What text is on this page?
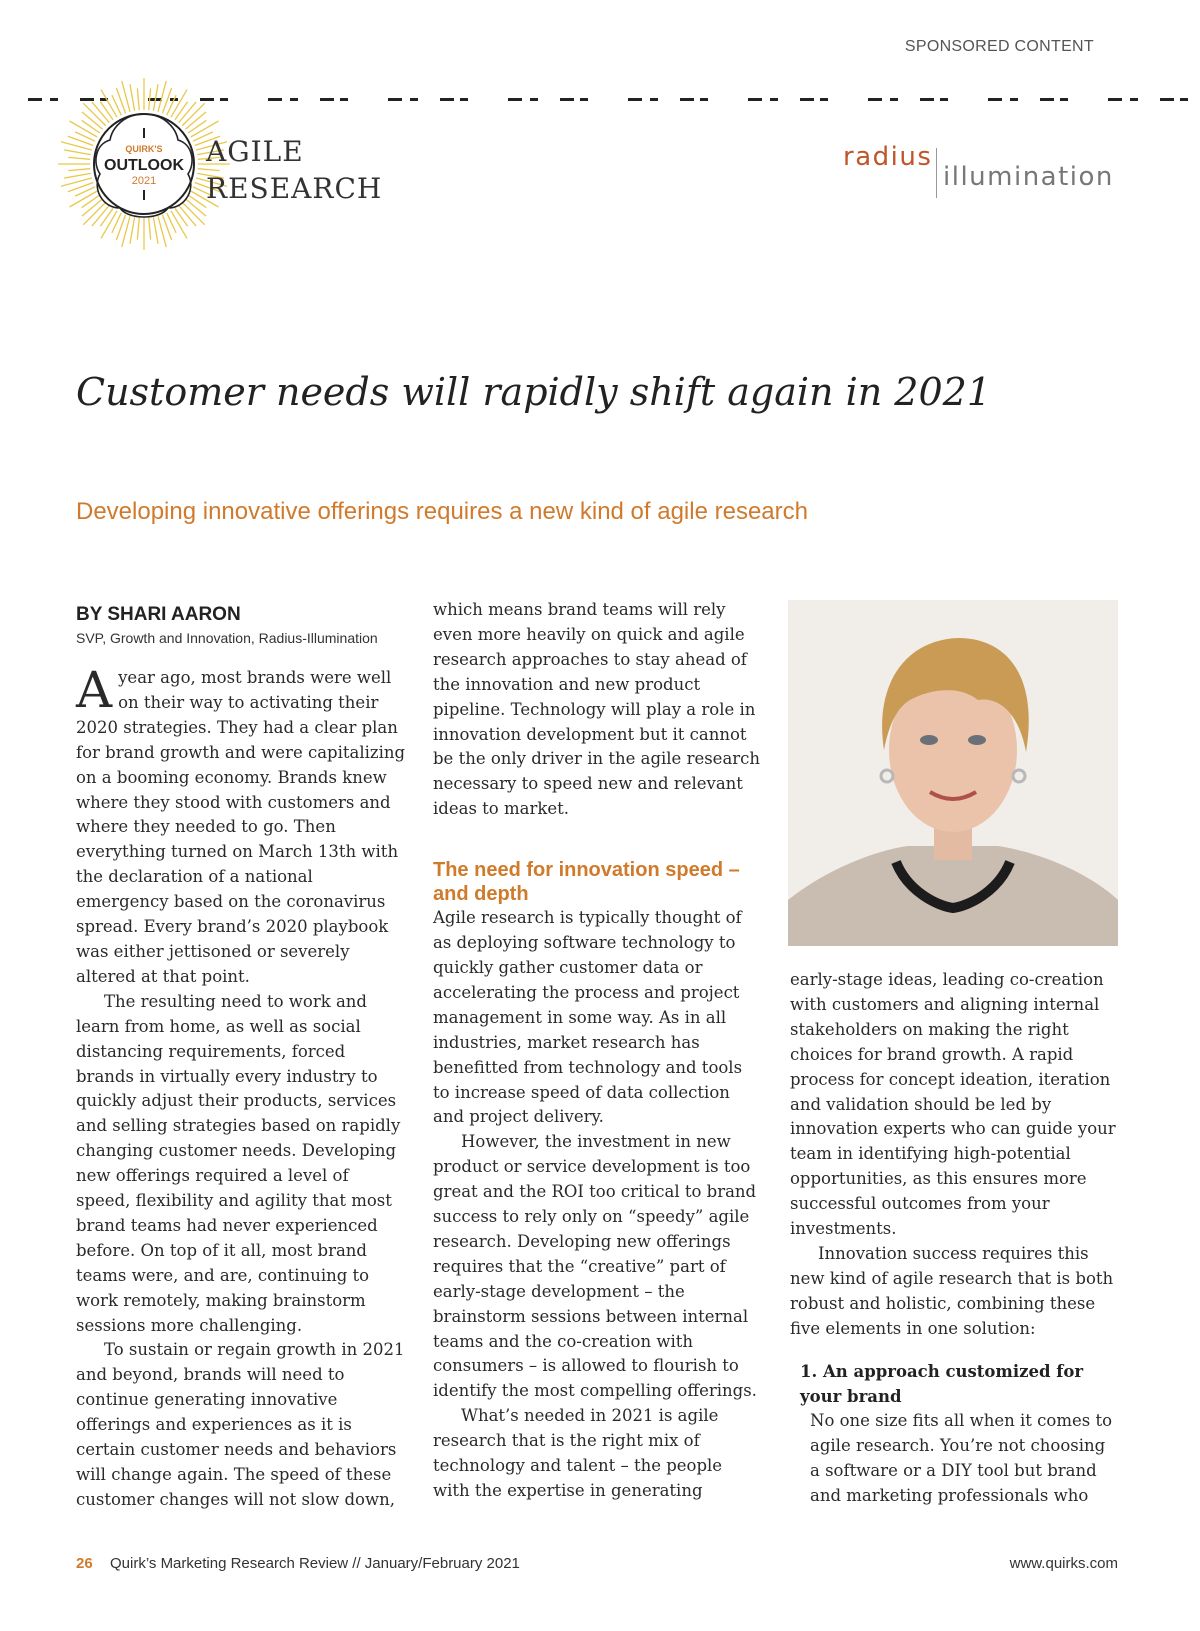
SPONSORED CONTENT
QUIRK'S
OUTLOOK
2021
AGILE
RESEARCH
radius
illumination
Customer needs will rapidly shift again in 2021
Developing innovative offerings requires a new kind of agile research
BY SHARI AARON
SVP, Growth and Innovation, Radius-Illumination

Ayear ago, most brands were well on their way to activating their 2020 strategies. They had a clear plan for brand growth and were capitalizing on a booming economy. Brands knew where they stood with customers and where they needed to go. Then everything turned on March 13th with the declaration of a national emergency based on the coronavirus spread. Every brand’s 2020 playbook was either jettisoned or severely altered at that point.

The resulting need to work and learn from home, as well as social distancing requirements, forced brands in virtually every industry to quickly adjust their products, services and selling strategies based on rapidly changing customer needs. Developing new offerings required a level of speed, flexibility and agility that most brand teams had never experienced before. On top of it all, most brand teams were, and are, continuing to work remotely, making brainstorm sessions more challenging.

To sustain or regain growth in 2021 and beyond, brands will need to continue generating innovative offerings and experiences as it is certain customer needs and behaviors will change again. The speed of these customer changes will not slow down,

which means brand teams will rely even more heavily on quick and agile research approaches to stay ahead of the innovation and new product pipeline. Technology will play a role in innovation development but it cannot be the only driver in the agile research necessary to speed new and relevant ideas to market.

The need for innovation speed – and depth

Agile research is typically thought of as deploying software technology to quickly gather customer data or accelerating the process and project management in some way. As in all industries, market research has benefitted from technology and tools to increase speed of data collection and project delivery.

However, the investment in new product or service development is too great and the ROI too critical to brand success to rely only on “speedy” agile research. Developing new offerings requires that the “creative” part of early-stage development – the brainstorm sessions between internal teams and the co-creation with consumers – is allowed to flourish to identify the most compelling offerings.

What’s needed in 2021 is agile research that is the right mix of technology and talent – the people with the expertise in generating

early-stage ideas, leading co-creation with customers and aligning internal stakeholders on making the right choices for brand growth. A rapid process for concept ideation, iteration and validation should be led by innovation experts who can guide your team in identifying high-potential opportunities, as this ensures more successful outcomes from your investments.

Innovation success requires this new kind of agile research that is both robust and holistic, combining these five elements in one solution:

1. An approach customized for your brand

No one size fits all when it comes to agile research. You’re not choosing a software or a DIY tool but brand and marketing professionals who

26 Quirk’s Marketing Research Review // January/February 2021	www.quirks.com
